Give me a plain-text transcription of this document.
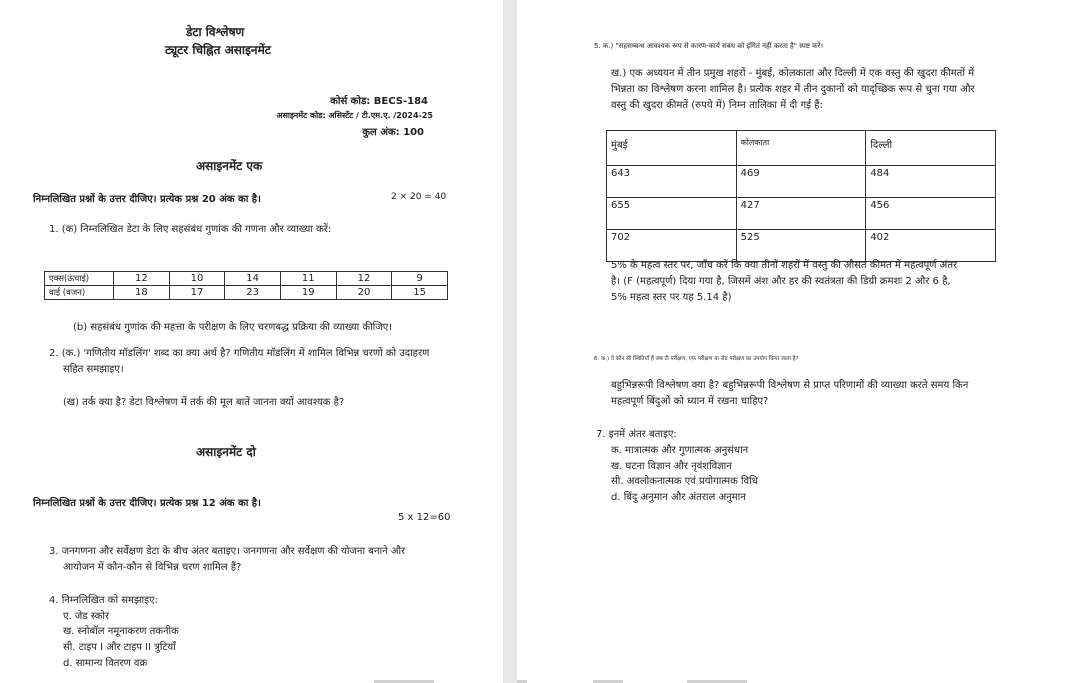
डेटा विश्लेषण
ट्यूटर चिह्नित असाइनमेंट
कोर्स कोड: BECS-184
असाइनमेंट कोड: असिस्टेंट / टी.एम.ए. /2024-25
कुल अंक: 100
असाइनमेंट एक
निम्नलिखित प्रश्नों के उत्तर दीजिए। प्रत्येक प्रश्न 20 अंक का है।	2 × 20 = 40
1. (क) निम्नलिखित डेटा के लिए सहसंबंध गुणांक की गणना और व्याख्या करें:
एक्स(ऊंचाई)	12	10	14	11	12	9
वाई (वजन)	18	17	23	19	20	15
(b) सहसंबंध गुणांक की महत्ता के परीक्षण के लिए चरणबद्ध प्रक्रिया की व्याख्या कीजिए।
2. (क.) 'गणितीय मॉडलिंग' शब्द का क्या अर्थ है? गणितीय मॉडलिंग में शामिल विभिन्न चरणों को उदाहरण
सहित समझाइए।
(ख) तर्क क्या है? डेटा विश्लेषण में तर्क की मूल बातें जानना क्यों आवश्यक है?
असाइनमेंट दो
निम्नलिखित प्रश्नों के उत्तर दीजिए। प्रत्येक प्रश्न 12 अंक का है।
5 x 12=60
3. जनगणना और सर्वेक्षण डेटा के बीच अंतर बताइए। जनगणना और सर्वेक्षण की योजना बनाने और
आयोजन में कौन-कौन से विभिन्न चरण शामिल हैं?
4. निम्नलिखित को समझाइए:
ए. जेड स्कोर
ख. स्नोबॉल नमूनाकरण तकनीक
सी. टाइप I और टाइप II त्रुटियाँ
d. सामान्य वितरण वक्र
5. क.) "सहसम्बन्ध आवश्यक रूप से कारण-कार्य संबंध को इंगित नहीं करता है" स्पष्ट करें।
ख.) एक अध्ययन में तीन प्रमुख शहरों - मुंबई, कोलकाता और दिल्ली में एक वस्तु की खुदरा कीमतों में
भिन्नता का विश्लेषण करना शामिल है। प्रत्येक शहर में तीन दुकानों को यादृच्छिक रूप से चुना गया और
वस्तु की खुदरा कीमतें (रुपये में) निम्न तालिका में दी गई हैं:
मुंबई	कोलकाता	दिल्ली
643	469	484
655	427	456
702	525	402
5% के महत्व स्तर पर, जाँच करें कि क्या तीनों शहरों में वस्तु की औसत कीमत में महत्वपूर्ण अंतर
है। (F (महत्वपूर्ण) दिया गया है, जिसमें अंश और हर की स्वतंत्रता की डिग्री क्रमशः 2 और 6 है,
5% महत्व स्तर पर यह 5.14 है)
6. क.) वे कौन सी स्थितियाँ हैं जब टी परीक्षण, एफ परीक्षण या जेड परीक्षण का उपयोग किया जाता है?
बहुभिन्नरूपी विश्लेषण क्या है? बहुभिन्नरूपी विश्लेषण से प्राप्त परिणामों की व्याख्या करते समय किन
महत्वपूर्ण बिंदुओं को ध्यान में रखना चाहिए?
7. इनमें अंतर बताइए:
क. मात्रात्मक और गुणात्मक अनुसंधान
ख. घटना विज्ञान और नृवंशविज्ञान
सी. अवलोकनात्मक एवं प्रयोगात्मक विधि
d. बिंदु अनुमान और अंतराल अनुमान
